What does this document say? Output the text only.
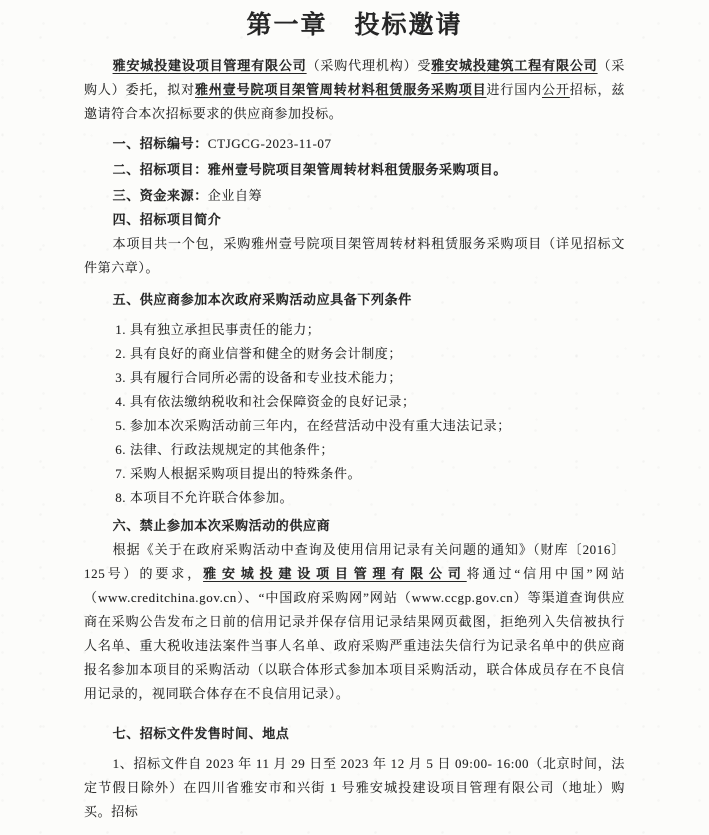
第一章　投标邀请

雅安城投建设项目管理有限公司（采购代理机构）受雅安城投建筑工程有限公司（采购人）委托，拟对雅州壹号院项目架管周转材料租赁服务采购项目进行国内公开招标，兹邀请符合本次招标要求的供应商参加投标。

一、招标编号：CTJGCG-2023-11-07

二、招标项目：雅州壹号院项目架管周转材料租赁服务采购项目。

三、资金来源：企业自筹

四、招标项目简介

本项目共一个包，采购雅州壹号院项目架管周转材料租赁服务采购项目（详见招标文件第六章）。

五、供应商参加本次政府采购活动应具备下列条件

1. 具有独立承担民事责任的能力；

2. 具有良好的商业信誉和健全的财务会计制度；

3. 具有履行合同所必需的设备和专业技术能力；

4. 具有依法缴纳税收和社会保障资金的良好记录；

5. 参加本次采购活动前三年内，在经营活动中没有重大违法记录；

6. 法律、行政法规规定的其他条件；

7. 采购人根据采购项目提出的特殊条件。

8. 本项目不允许联合体参加。

六、禁止参加本次采购活动的供应商

根据《关于在政府采购活动中查询及使用信用记录有关问题的通知》（财库〔2016〕125号）的要求，雅安城投建设项目管理有限公司将通过“信用中国”网站（www.creditchina.gov.cn）、“中国政府采购网”网站（www.ccgp.gov.cn）等渠道查询供应商在采购公告发布之日前的信用记录并保存信用记录结果网页截图，拒绝列入失信被执行人名单、重大税收违法案件当事人名单、政府采购严重违法失信行为记录名单中的供应商报名参加本项目的采购活动（以联合体形式参加本项目采购活动，联合体成员存在不良信用记录的，视同联合体存在不良信用记录）。

七、招标文件发售时间、地点

1、招标文件自 2023 年 11 月 29 日至 2023 年 12 月 5 日 09:00- 16:00（北京时间，法定节假日除外）在四川省雅安市和兴街 1 号雅安城投建设项目管理有限公司（地址）购买。招标
